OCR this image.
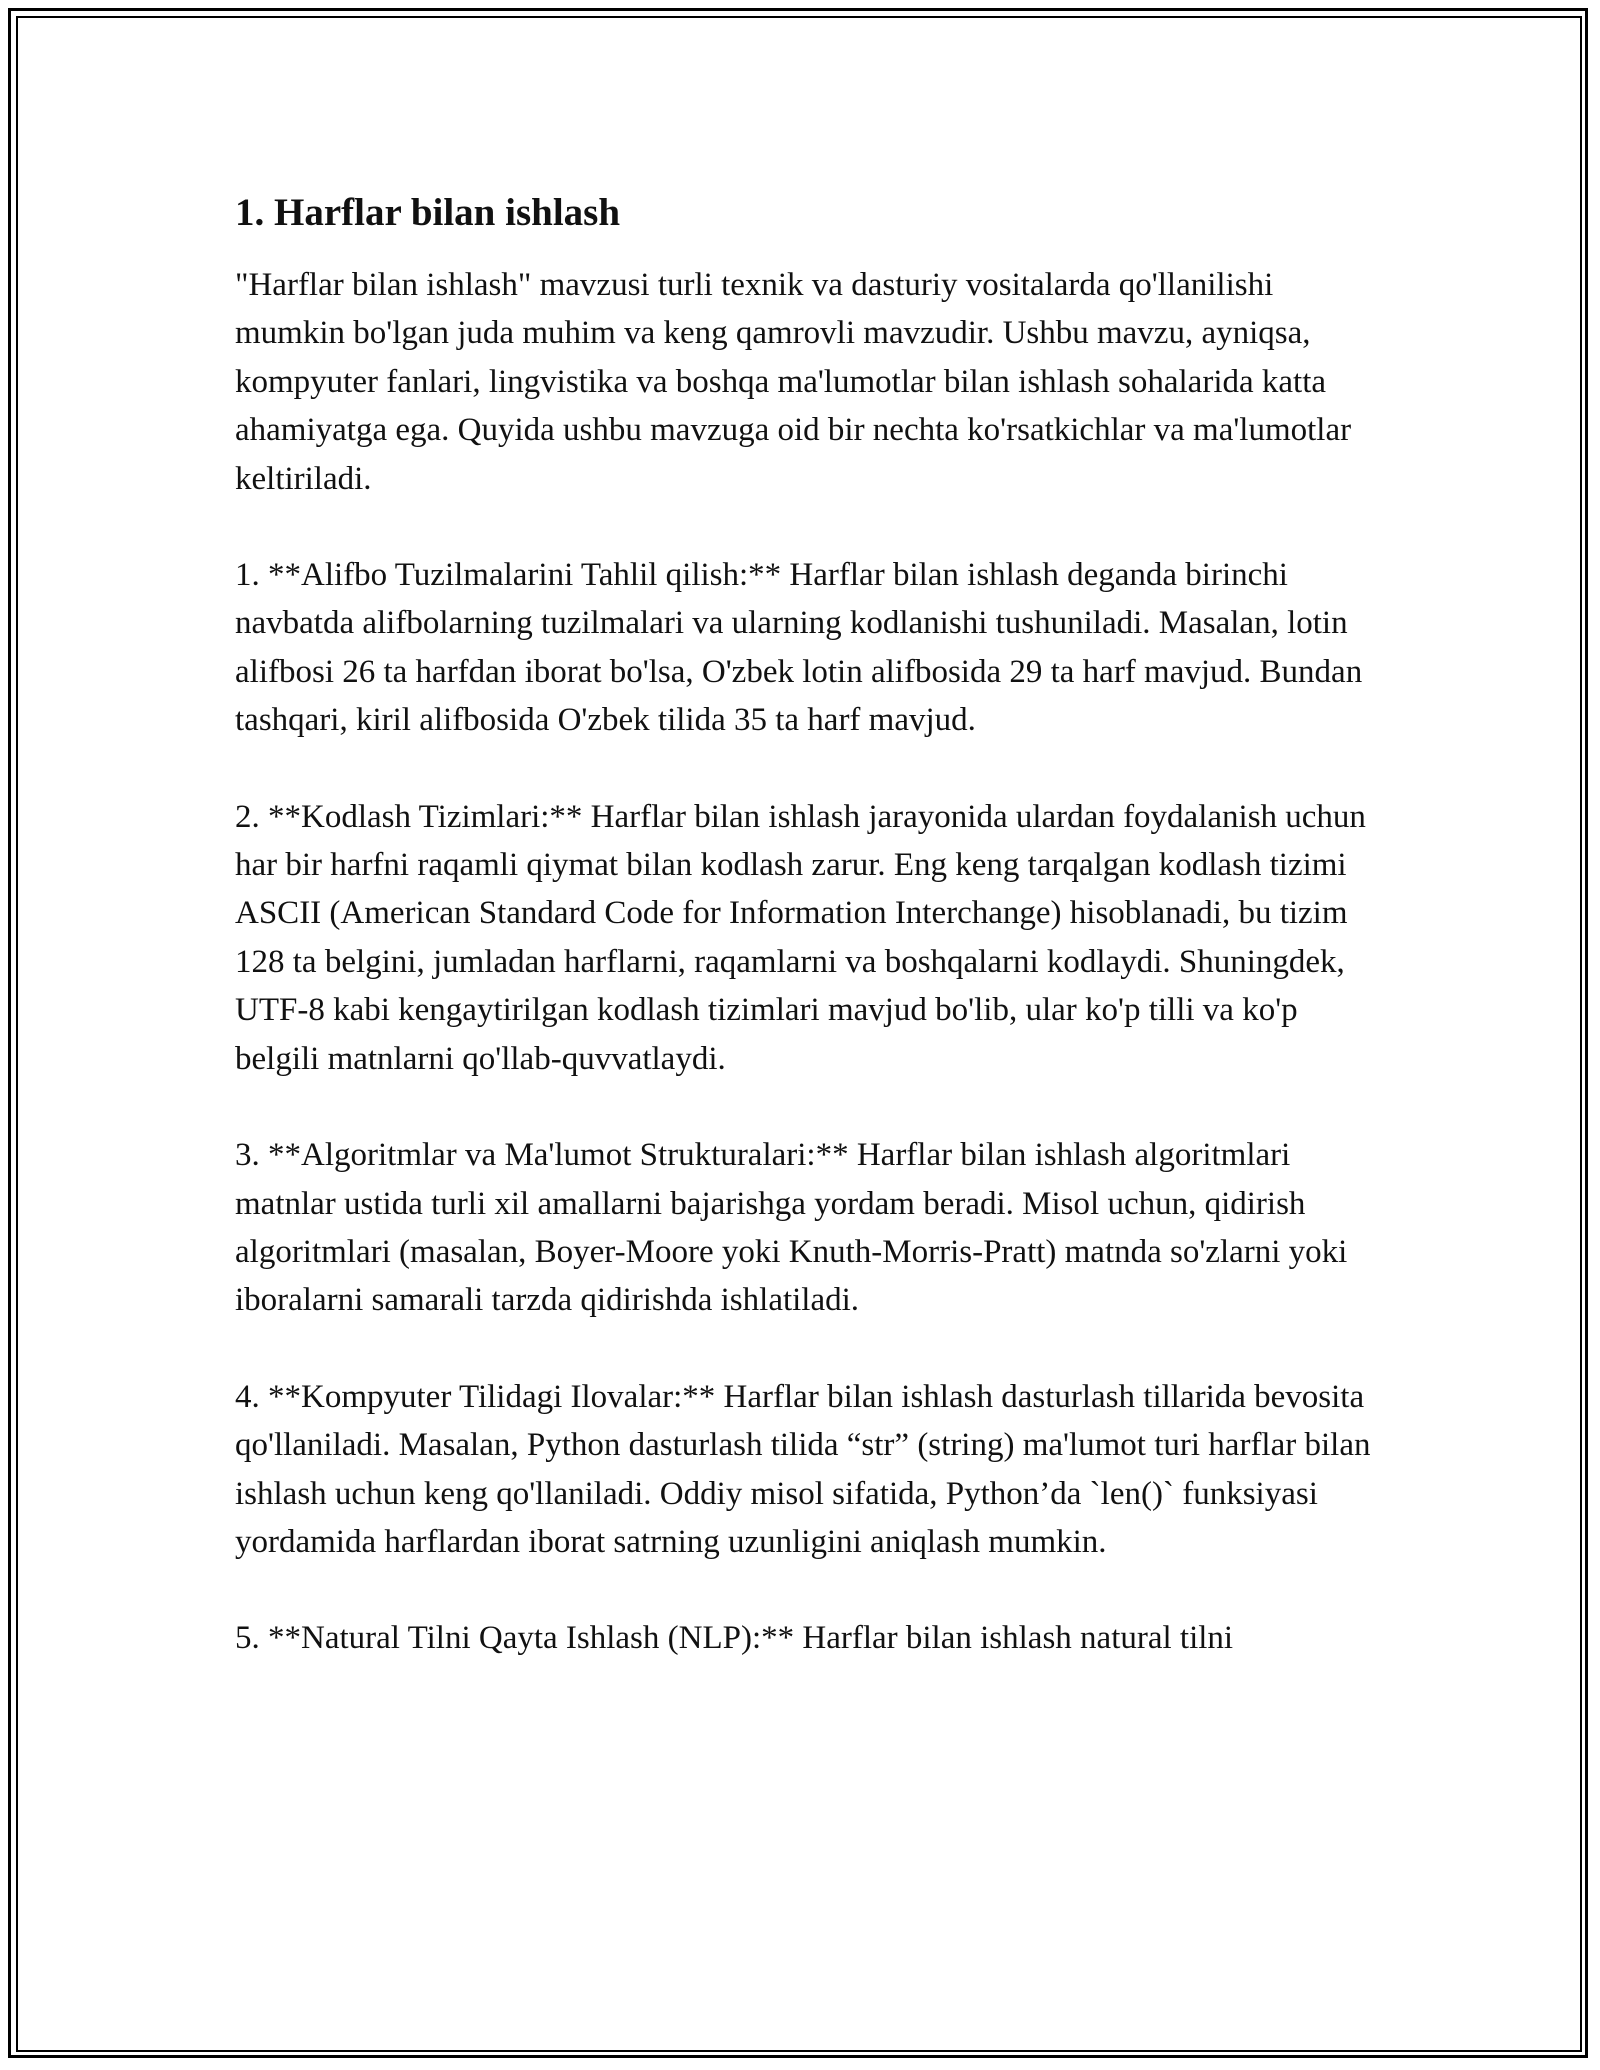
1. Harflar bilan ishlash

"Harflar bilan ishlash" mavzusi turli texnik va dasturiy vositalarda qo'llanilishi mumkin bo'lgan juda muhim va keng qamrovli mavzudir. Ushbu mavzu, ayniqsa, kompyuter fanlari, lingvistika va boshqa ma'lumotlar bilan ishlash sohalarida katta ahamiyatga ega. Quyida ushbu mavzuga oid bir nechta ko'rsatkichlar va ma'lumotlar keltiriladi.

1. **Alifbo Tuzilmalarini Tahlil qilish:** Harflar bilan ishlash deganda birinchi navbatda alifbolarning tuzilmalari va ularning kodlanishi tushuniladi. Masalan, lotin alifbosi 26 ta harfdan iborat bo'lsa, O'zbek lotin alifbosida 29 ta harf mavjud. Bundan tashqari, kiril alifbosida O'zbek tilida 35 ta harf mavjud.

2. **Kodlash Tizimlari:** Harflar bilan ishlash jarayonida ulardan foydalanish uchun har bir harfni raqamli qiymat bilan kodlash zarur. Eng keng tarqalgan kodlash tizimi ASCII (American Standard Code for Information Interchange) hisoblanadi, bu tizim 128 ta belgini, jumladan harflarni, raqamlarni va boshqalarni kodlaydi. Shuningdek, UTF-8 kabi kengaytirilgan kodlash tizimlari mavjud bo'lib, ular ko'p tilli va ko'p belgili matnlarni qo'llab-quvvatlaydi.

3. **Algoritmlar va Ma'lumot Strukturalari:** Harflar bilan ishlash algoritmlari matnlar ustida turli xil amallarni bajarishga yordam beradi. Misol uchun, qidirish algoritmlari (masalan, Boyer-Moore yoki Knuth-Morris-Pratt) matnda so'zlarni yoki iboralarni samarali tarzda qidirishda ishlatiladi.

4. **Kompyuter Tilidagi Ilovalar:** Harflar bilan ishlash dasturlash tillarida bevosita qo'llaniladi. Masalan, Python dasturlash tilida “str” (string) ma'lumot turi harflar bilan ishlash uchun keng qo'llaniladi. Oddiy misol sifatida, Python’da `len()` funksiyasi yordamida harflardan iborat satrning uzunligini aniqlash mumkin.

5. **Natural Tilni Qayta Ishlash (NLP):** Harflar bilan ishlash natural tilni
